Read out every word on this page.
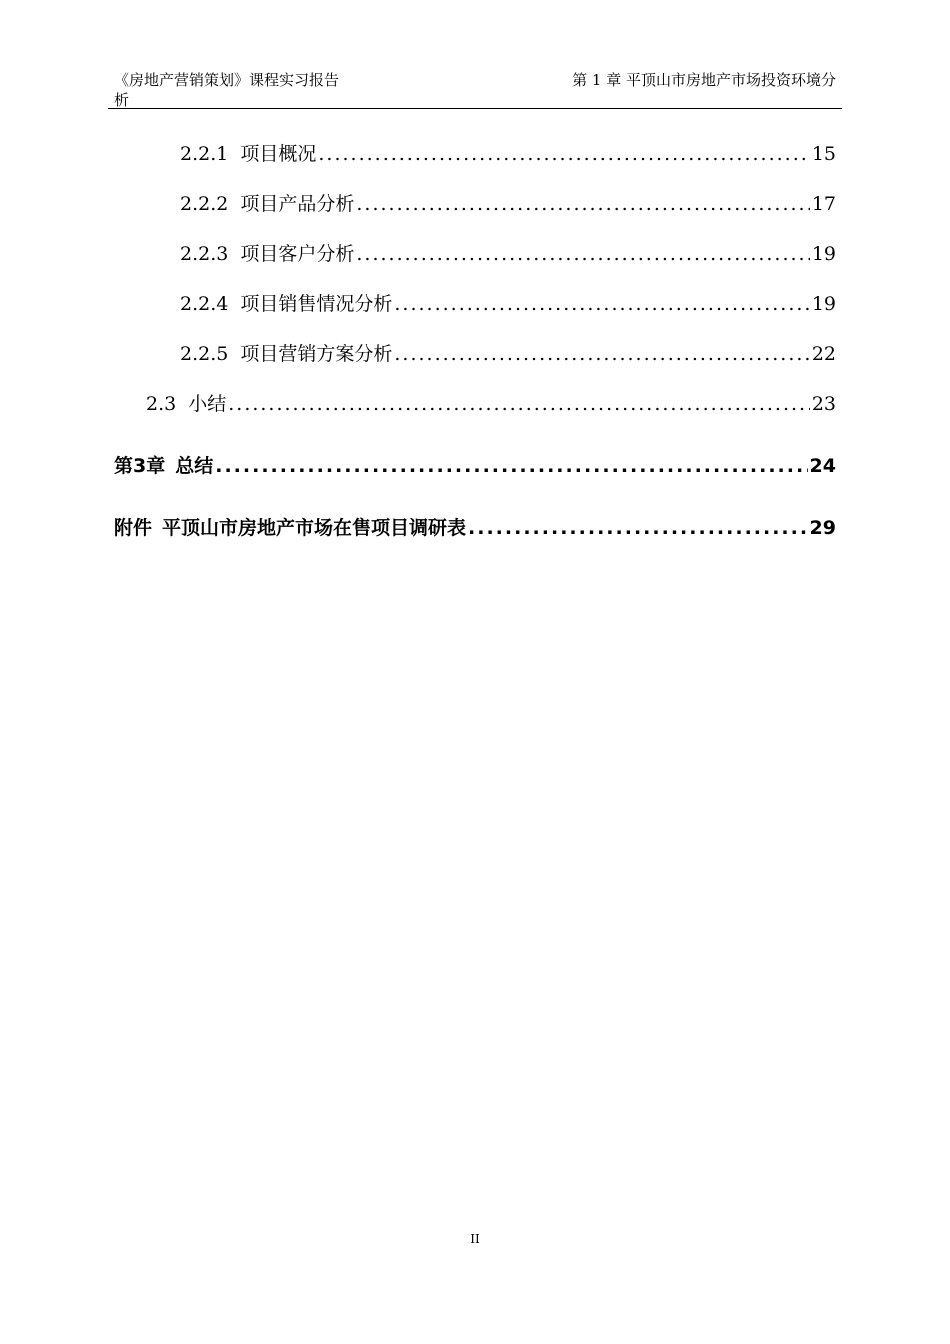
《房地产营销策划》课程实习报告
析
第 1 章 平顶山市房地产市场投资环境分
2.2.1 项目概况 .....	15
2.2.2 项目产品分析 .....	17
2.2.3 项目客户分析 .....	19
2.2.4 项目销售情况分析 .....	19
2.2.5 项目营销方案分析 .....	22
2.3 小结 .....	23
第3章 总结 .....	24
附件 平顶山市房地产市场在售项目调研表 .....	29
II
